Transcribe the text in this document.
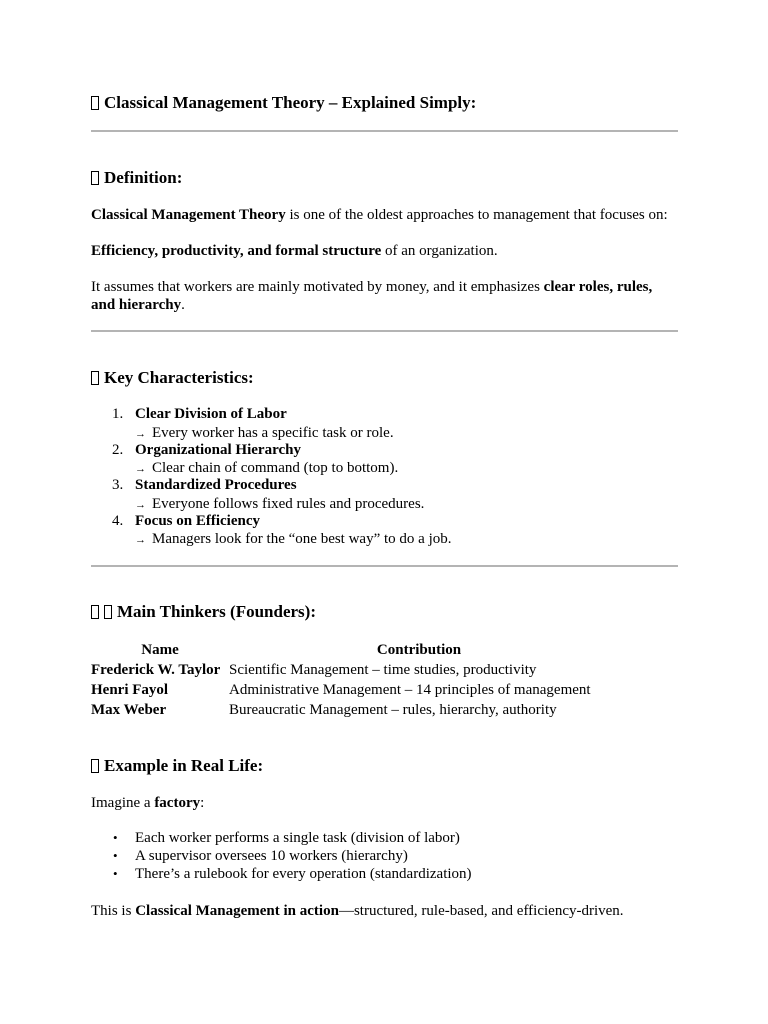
Classical Management Theory – Explained Simply:
Definition:
Classical Management Theory is one of the oldest approaches to management that focuses on:
Efficiency, productivity, and formal structure of an organization.
It assumes that workers are mainly motivated by money, and it emphasizes clear roles, rules, and hierarchy.
Key Characteristics:
1. Clear Division of Labor
→ Every worker has a specific task or role.
2. Organizational Hierarchy
→ Clear chain of command (top to bottom).
3. Standardized Procedures
→ Everyone follows fixed rules and procedures.
4. Focus on Efficiency
→ Managers look for the “one best way” to do a job.
Main Thinkers (Founders):
Name	Contribution
Frederick W. Taylor	Scientific Management – time studies, productivity
Henri Fayol	Administrative Management – 14 principles of management
Max Weber	Bureaucratic Management – rules, hierarchy, authority
Example in Real Life:
Imagine a factory:
• Each worker performs a single task (division of labor)
• A supervisor oversees 10 workers (hierarchy)
• There’s a rulebook for every operation (standardization)
This is Classical Management in action—structured, rule-based, and efficiency-driven.
